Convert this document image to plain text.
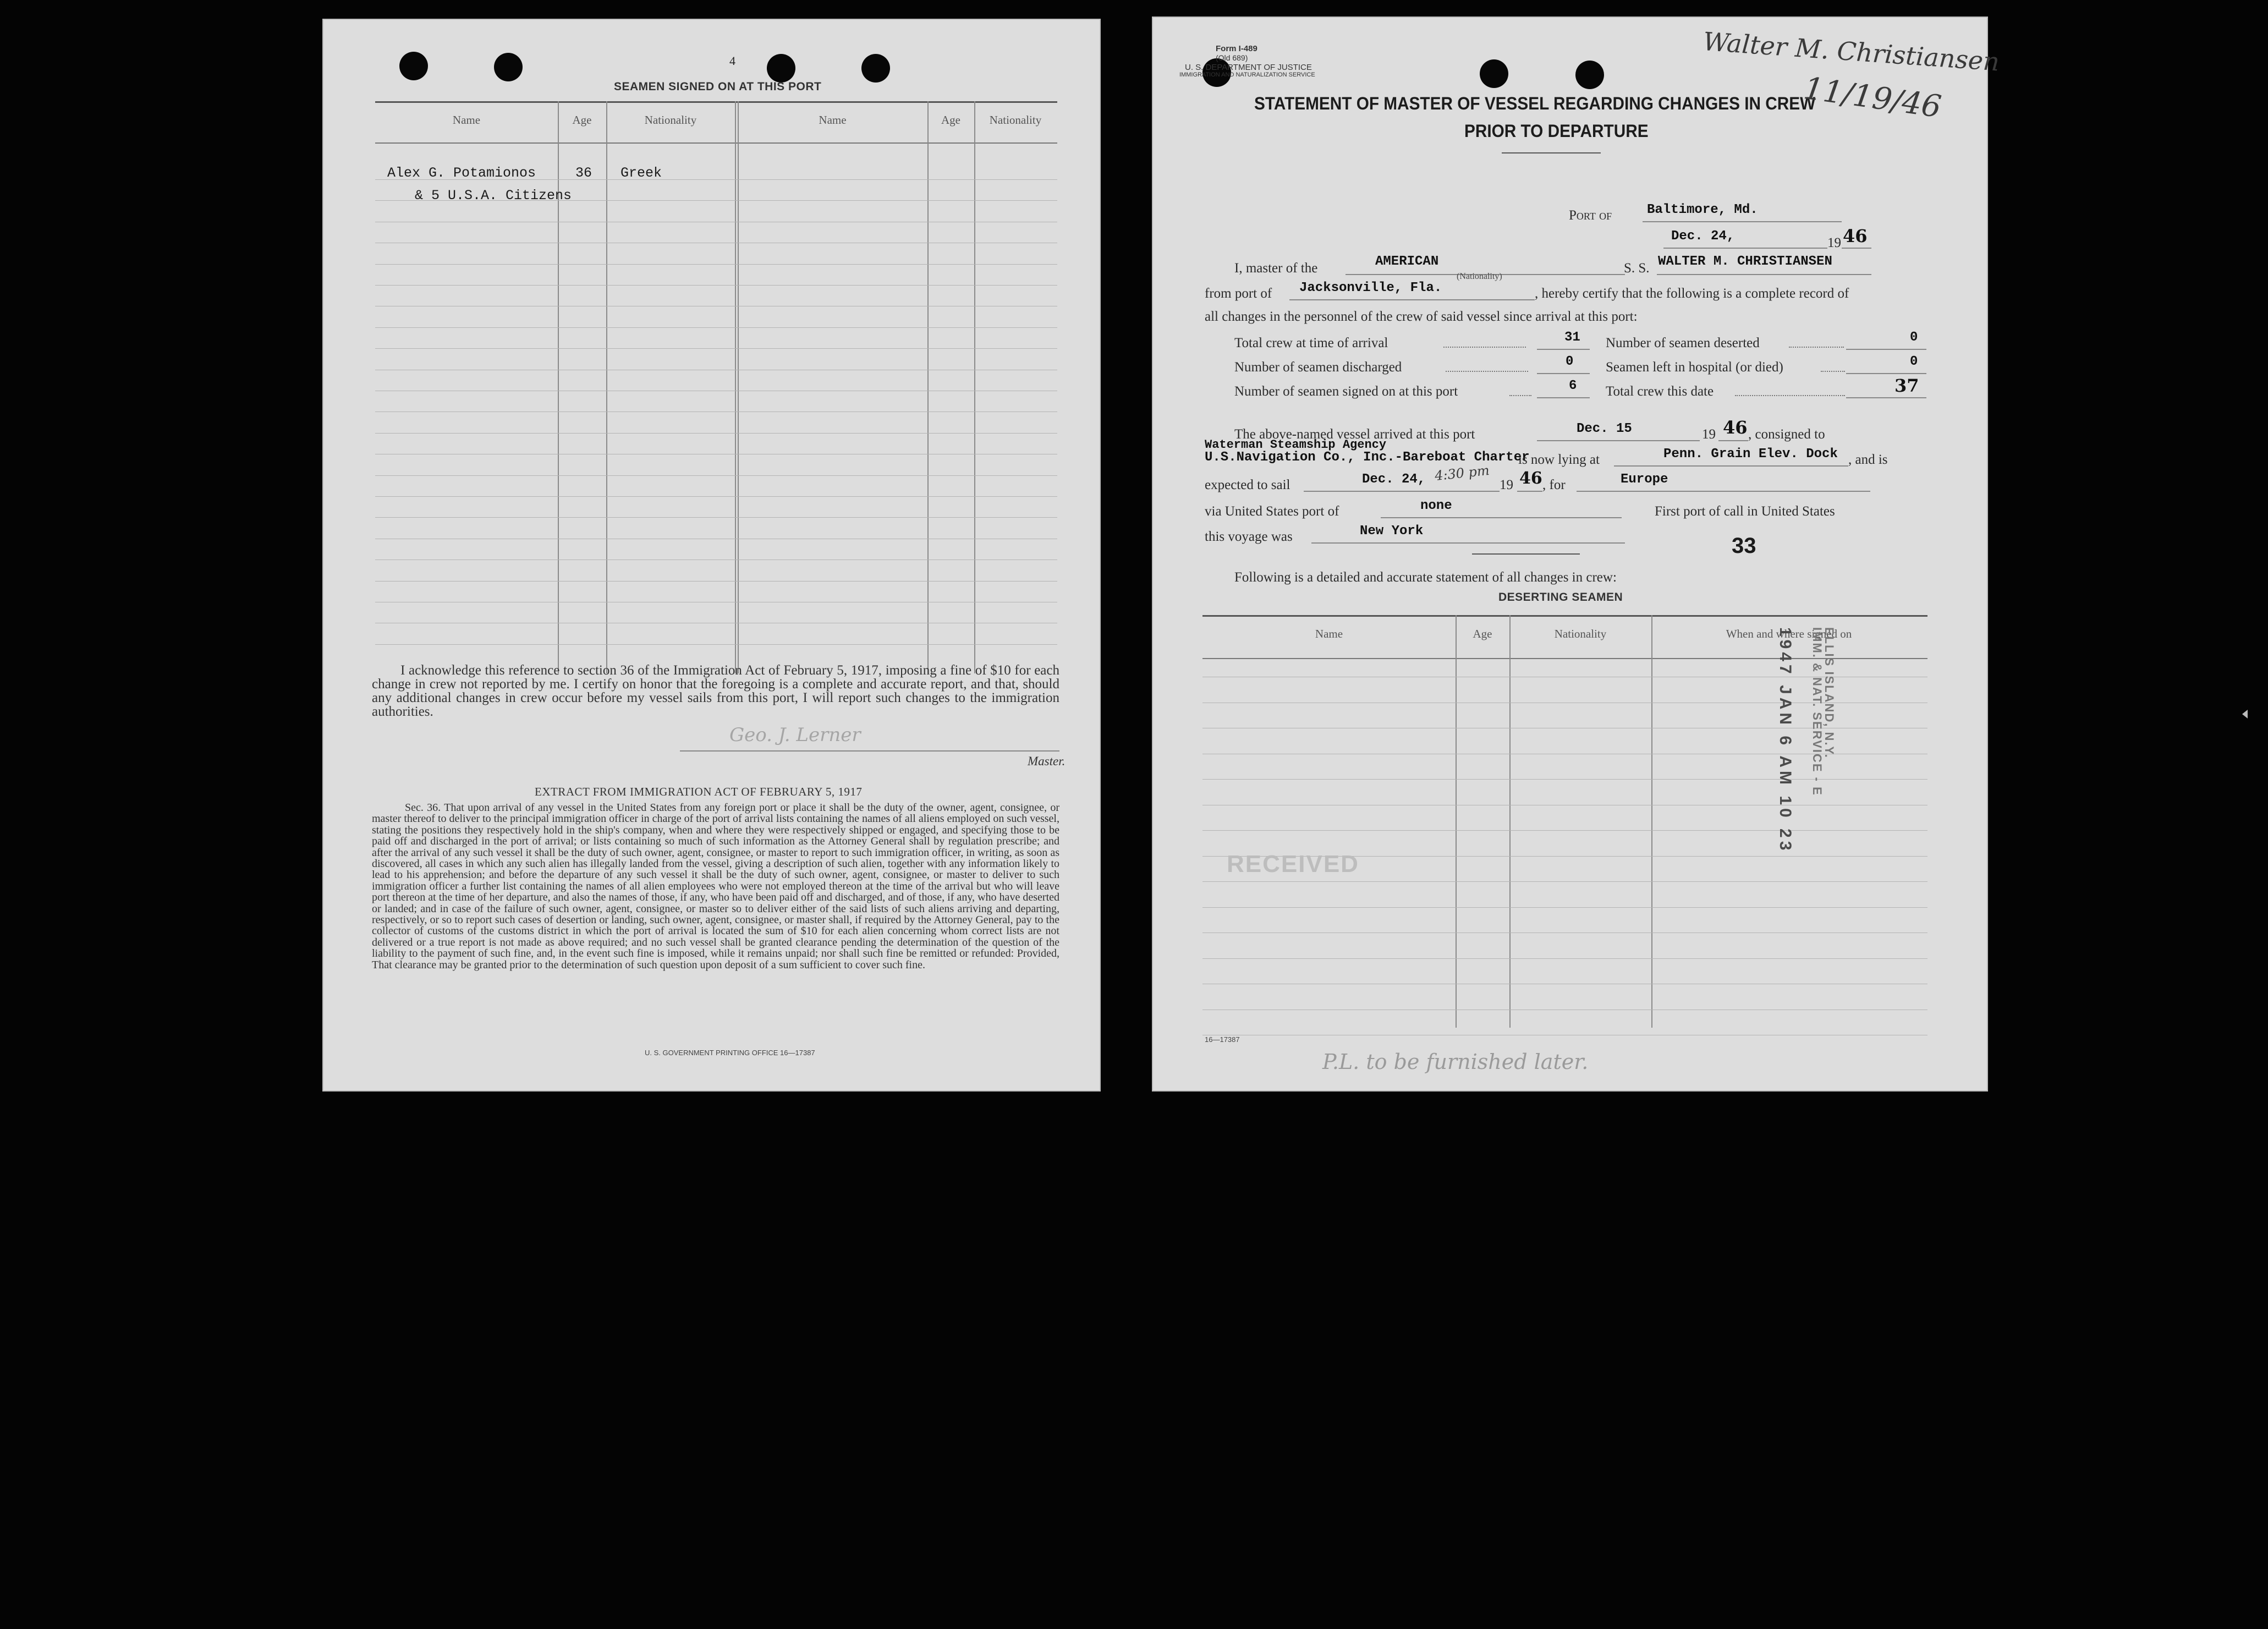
4
SEAMEN SIGNED ON AT THIS PORT
Name	Age	Nationality	Name	Age	Nationality
Alex G. Potamionos	36 Greek
& 5 U.S.A. Citizens
I acknowledge this reference to section 36 of the Immigration Act of February 5, 1917, imposing a fine of $10 for each change in crew not reported by me. I certify on honor that the foregoing is a complete and accurate report, and that, should any additional changes in crew occur before my vessel sails from this port, I will report such changes to the immigration authorities.
Geo. J. Lerner
Master.
EXTRACT FROM IMMIGRATION ACT OF FEBRUARY 5, 1917
Sec. 36. That upon arrival of any vessel in the United States from any foreign port or place it shall be the duty of the owner, agent, consignee, or master thereof to deliver to the principal immigration officer in charge of the port of arrival lists containing the names of all aliens employed on such vessel, stating the positions they respectively hold in the ship's company, when and where they were respectively shipped or engaged, and specifying those to be paid off and discharged in the port of arrival; or lists containing so much of such information as the Attorney General shall by regulation prescribe; and after the arrival of any such vessel it shall be the duty of such owner, agent, consignee, or master to report to such immigration officer, in writing, as soon as discovered, all cases in which any such alien has illegally landed from the vessel, giving a description of such alien, together with any information likely to lead to his apprehension; and before the departure of any such vessel it shall be the duty of such owner, agent, consignee, or master to deliver to such immigration officer a further list containing the names of all alien employees who were not employed thereon at the time of the arrival but who will leave port thereon at the time of her departure, and also the names of those, if any, who have been paid off and discharged, and of those, if any, who have deserted or landed; and in case of the failure of such owner, agent, consignee, or master so to deliver either of the said lists of such aliens arriving and departing, respectively, or so to report such cases of desertion or landing, such owner, agent, consignee, or master shall, if required by the Attorney General, pay to the collector of customs of the customs district in which the port of arrival is located the sum of $10 for each alien concerning whom correct lists are not delivered or a true report is not made as above required; and no such vessel shall be granted clearance pending the determination of the question of the liability to the payment of such fine, and, in the event such fine is imposed, while it remains unpaid; nor shall such fine be remitted or refunded: Provided, That clearance may be granted prior to the determination of such question upon deposit of a sum sufficient to cover such fine.
U. S. GOVERNMENT PRINTING OFFICE 16—17387
Form I-489
(Old 689)
U. S. DEPARTMENT OF JUSTICE
IMMIGRATION AND NATURALIZATION SERVICE
STATEMENT OF MASTER OF VESSEL REGARDING CHANGES IN CREW
PRIOR TO DEPARTURE
Walter M. Christiansen
11/19/46
Port of	Baltimore, Md.
Dec. 24,	19 46
I, master of the	AMERICAN
(Nationality)
S. S. WALTER M. CHRISTIANSEN
from port of Jacksonville, Fla.	, hereby certify that the following is a complete record of
all changes in the personnel of the crew of said vessel since arrival at this port:
Total crew at time of arrival	31 Number of seamen deserted	0
Number of seamen discharged	0 Seamen left in hospital (or died)	0
Number of seamen signed on at this port	6 Total crew this date	37
The above-named vessel arrived at this port	Dec. 15	19 46 , consigned to
Waterman Steamship Agency
U.S.Navigation Co., Inc.-Bareboat Charter
is now lying at	Penn. Grain Elev. Dock , and is
expected to sail	Dec. 24, 4:30 pm
19 46 , for	Europe
via United States port of	none	First port of call in United States
this voyage was	New York
33
Following is a detailed and accurate statement of all changes in crew:
DESERTING SEAMEN
Name	Age	Nationality	When and where signed on
RECEIVED
1947 JAN 6 AM 10 23 IMM. & NAT. SERVICE - E
ELLIS ISLAND, N.Y.
16—17387
P.L. to be furnished later.
